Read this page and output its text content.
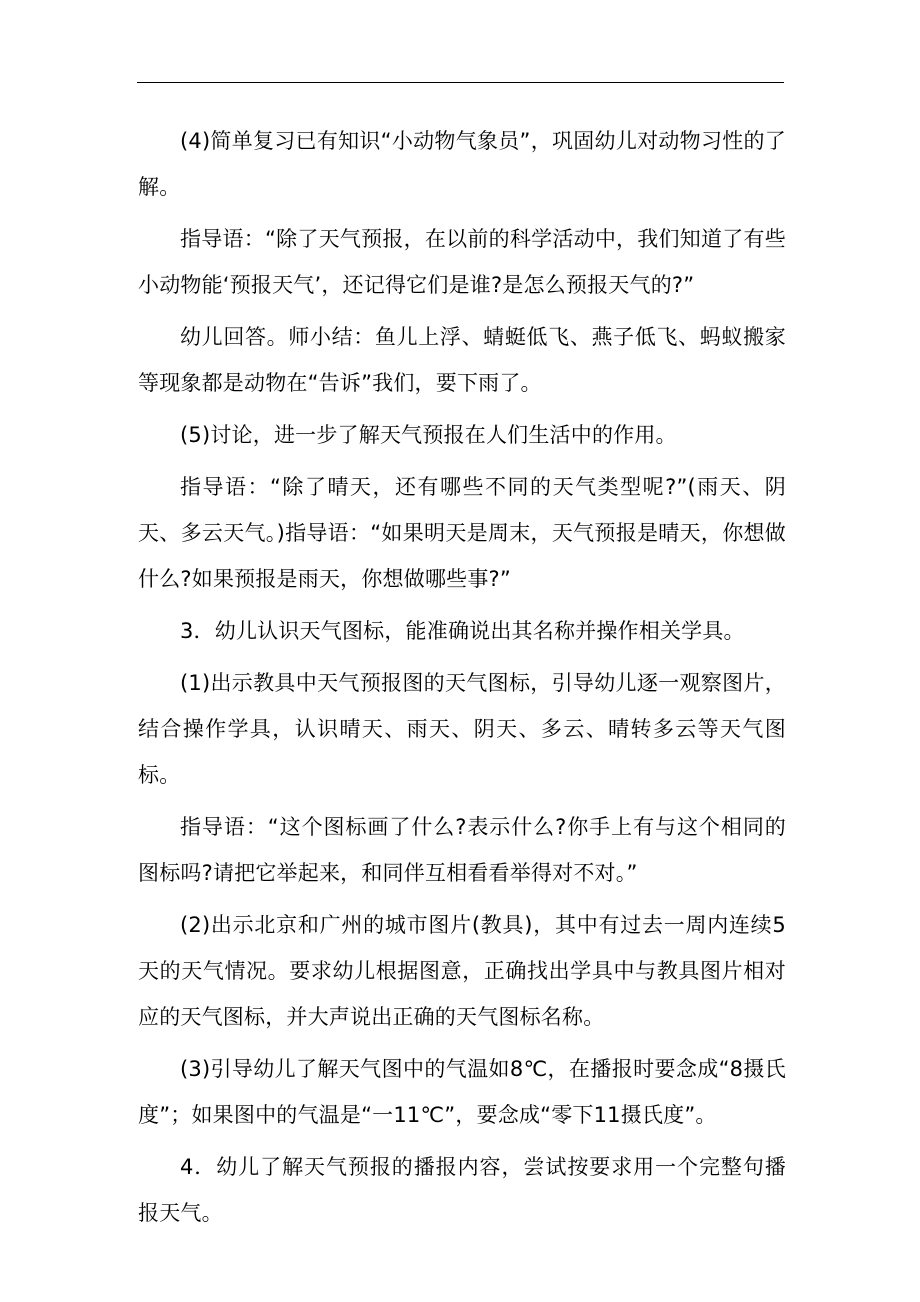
(4)简单复习已有知识“小动物气象员”，巩固幼儿对动物习性的了解。

指导语：“除了天气预报，在以前的科学活动中，我们知道了有些小动物能‘预报天气’，还记得它们是谁?是怎么预报天气的?”

幼儿回答。师小结：鱼儿上浮、蜻蜓低飞、燕子低飞、蚂蚁搬家等现象都是动物在“告诉”我们，要下雨了。

(5)讨论，进一步了解天气预报在人们生活中的作用。

指导语：“除了晴天，还有哪些不同的天气类型呢?”(雨天、阴天、多云天气。)指导语：“如果明天是周末，天气预报是晴天，你想做什么?如果预报是雨天，你想做哪些事?”

3．幼儿认识天气图标，能准确说出其名称并操作相关学具。

(1)出示教具中天气预报图的天气图标，引导幼儿逐一观察图片，结合操作学具，认识晴天、雨天、阴天、多云、晴转多云等天气图标。

指导语：“这个图标画了什么?表示什么?你手上有与这个相同的图标吗?请把它举起来，和同伴互相看看举得对不对。”

(2)出示北京和广州的城市图片(教具)，其中有过去一周内连续5天的天气情况。要求幼儿根据图意，正确找出学具中与教具图片相对应的天气图标，并大声说出正确的天气图标名称。

(3)引导幼儿了解天气图中的气温如8℃，在播报时要念成“8摄氏度”；如果图中的气温是“一11℃”，要念成“零下11摄氏度”。

4．幼儿了解天气预报的播报内容，尝试按要求用一个完整句播报天气。
